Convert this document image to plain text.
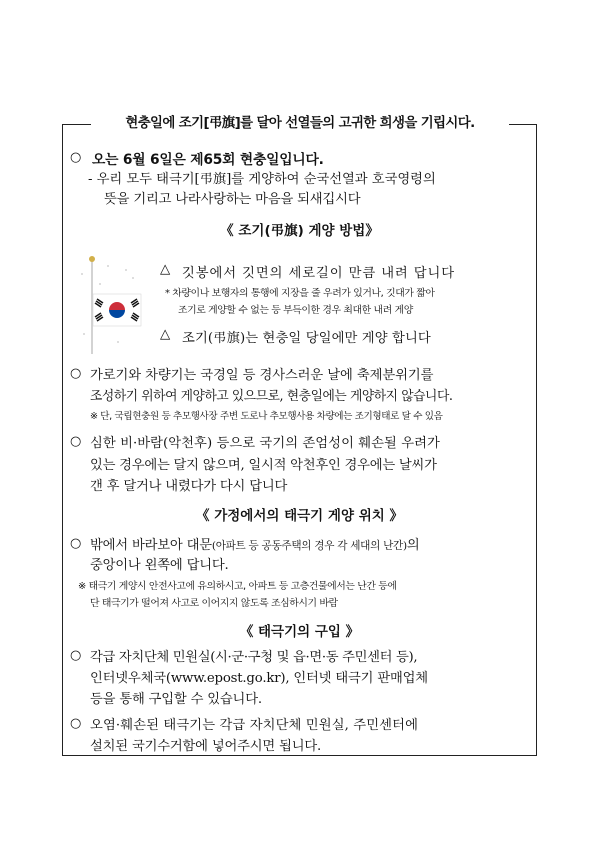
현충일에 조기[弔旗]를 달아 선열들의 고귀한 희생을 기립시다.
○ 오는 6월 6일은 제65회 현충일입니다.
- 우리 모두 태극기[弔旗]를 게양하여 순국선열과 호국영령의
뜻을 기리고 나라사랑하는 마음을 되새깁시다
《 조기(弔旗) 게양 방법》
△ 깃봉에서 깃면의 세로길이 만큼 내려 답니다
* 차량이나 보행자의 통행에 지장을 줄 우려가 있거나, 깃대가 짧아
조기로 게양할 수 없는 등 부득이한 경우 최대한 내려 게양
△ 조기(弔旗)는 현충일 당일에만 게양 합니다
○ 가로기와 차량기는 국경일 등 경사스러운 날에 축제분위기를
조성하기 위하여 게양하고 있으므로, 현충일에는 게양하지 않습니다.
※ 단, 국립현충원 등 추모행사장 주변 도로나 추모행사용 차량에는 조기형태로 달 수 있음
○ 심한 비·바람(악천후) 등으로 국기의 존엄성이 훼손될 우려가
있는 경우에는 달지 않으며, 일시적 악천후인 경우에는 날씨가
갠 후 달거나 내렸다가 다시 답니다
《 가정에서의 태극기 게양 위치 》
○ 밖에서 바라보아 대문(아파트 등 공동주택의 경우 각 세대의 난간)의
중앙이나 왼쪽에 답니다.
※ 태극기 게양시 안전사고에 유의하시고, 아파트 등 고층건물에서는 난간 등에
단 태극기가 떨어져 사고로 이어지지 않도록 조심하시기 바람
《 태극기의 구입 》
○ 각급 자치단체 민원실(시·군·구청 및 읍·면·동 주민센터 등),
인터넷우체국(www.epost.go.kr), 인터넷 태극기 판매업체
등을 통해 구입할 수 있습니다.
○ 오염·훼손된 태극기는 각급 자치단체 민원실, 주민센터에
설치된 국기수거함에 넣어주시면 됩니다.
